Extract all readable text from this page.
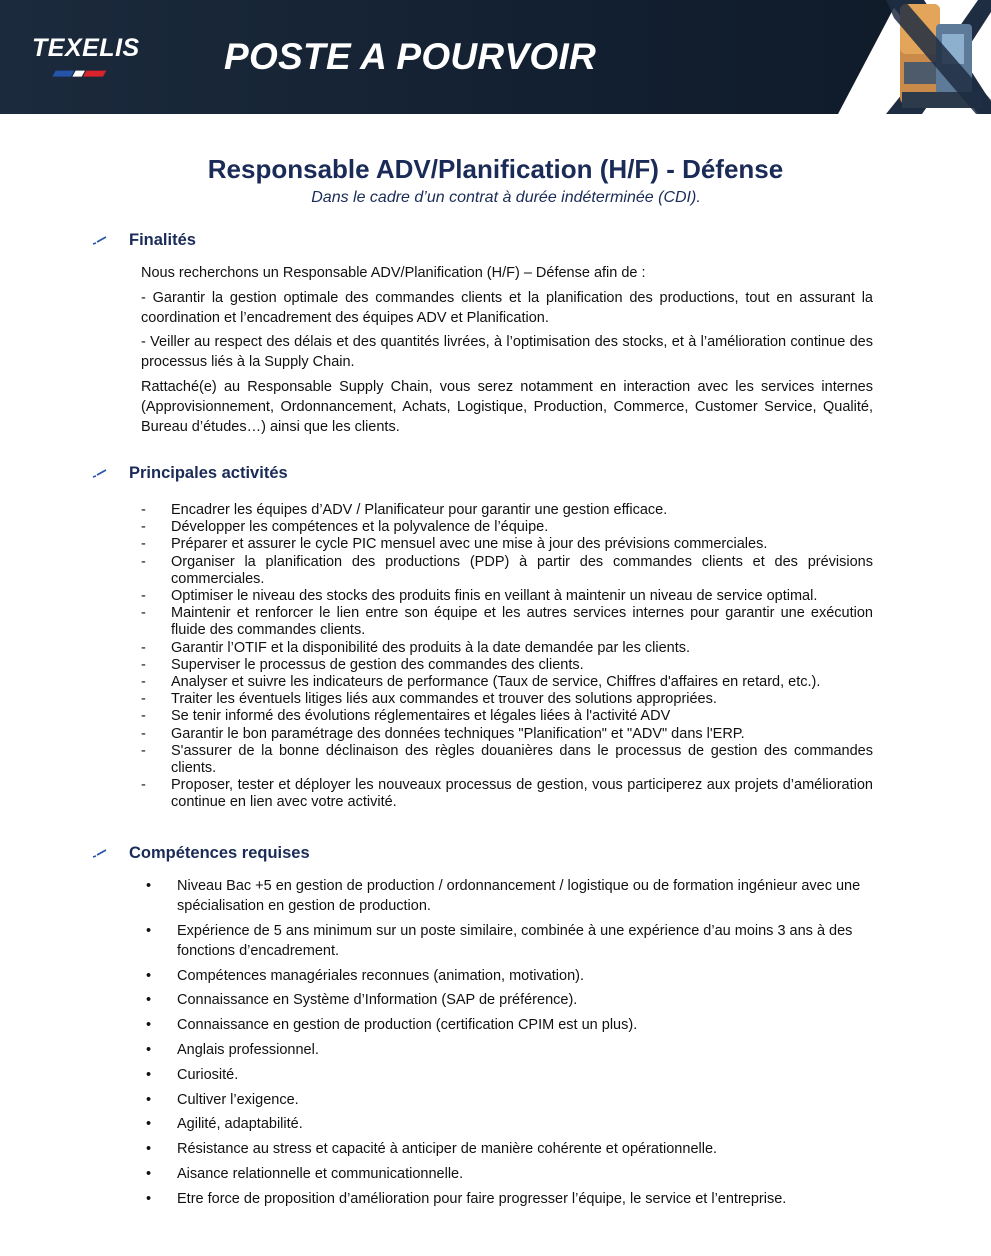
TEXELIS POSTE A POURVOIR
Responsable ADV/Planification (H/F) - Défense
Dans le cadre d’un contrat à durée indéterminée (CDI).
Finalités
Nous recherchons un Responsable ADV/Planification (H/F) – Défense afin de :
- Garantir la gestion optimale des commandes clients et la planification des productions, tout en assurant la coordination et l’encadrement des équipes ADV et Planification.
- Veiller au respect des délais et des quantités livrées, à l’optimisation des stocks, et à l’amélioration continue des processus liés à la Supply Chain.
Rattaché(e) au Responsable Supply Chain, vous serez notamment en interaction avec les services internes (Approvisionnement, Ordonnancement, Achats, Logistique, Production, Commerce, Customer Service, Qualité, Bureau d’études…) ainsi que les clients.
Principales activités
- Encadrer les équipes d’ADV / Planificateur pour garantir une gestion efficace.
- Développer les compétences et la polyvalence de l’équipe.
- Préparer et assurer le cycle PIC mensuel avec une mise à jour des prévisions commerciales.
- Organiser la planification des productions (PDP) à partir des commandes clients et des prévisions commerciales.
- Optimiser le niveau des stocks des produits finis en veillant à maintenir un niveau de service optimal.
- Maintenir et renforcer le lien entre son équipe et les autres services internes pour garantir une exécution fluide des commandes clients.
- Garantir l’OTIF et la disponibilité des produits à la date demandée par les clients.
- Superviser le processus de gestion des commandes des clients.
- Analyser et suivre les indicateurs de performance (Taux de service, Chiffres d'affaires en retard, etc.).
- Traiter les éventuels litiges liés aux commandes et trouver des solutions appropriées.
- Se tenir informé des évolutions réglementaires et légales liées à l'activité ADV
- Garantir le bon paramétrage des données techniques "Planification" et "ADV" dans l'ERP.
- S'assurer de la bonne déclinaison des règles douanières dans le processus de gestion des commandes clients.
- Proposer, tester et déployer les nouveaux processus de gestion, vous participerez aux projets d’amélioration continue en lien avec votre activité.
Compétences requises
• Niveau Bac +5 en gestion de production / ordonnancement / logistique ou de formation ingénieur avec une spécialisation en gestion de production.
• Expérience de 5 ans minimum sur un poste similaire, combinée à une expérience d’au moins 3 ans à des fonctions d’encadrement.
• Compétences managériales reconnues (animation, motivation).
• Connaissance en Système d’Information (SAP de préférence).
• Connaissance en gestion de production (certification CPIM est un plus).
• Anglais professionnel.
• Curiosité.
• Cultiver l’exigence.
• Agilité, adaptabilité.
• Résistance au stress et capacité à anticiper de manière cohérente et opérationnelle.
• Aisance relationnelle et communicationnelle.
• Etre force de proposition d’amélioration pour faire progresser l’équipe, le service et l’entreprise.
